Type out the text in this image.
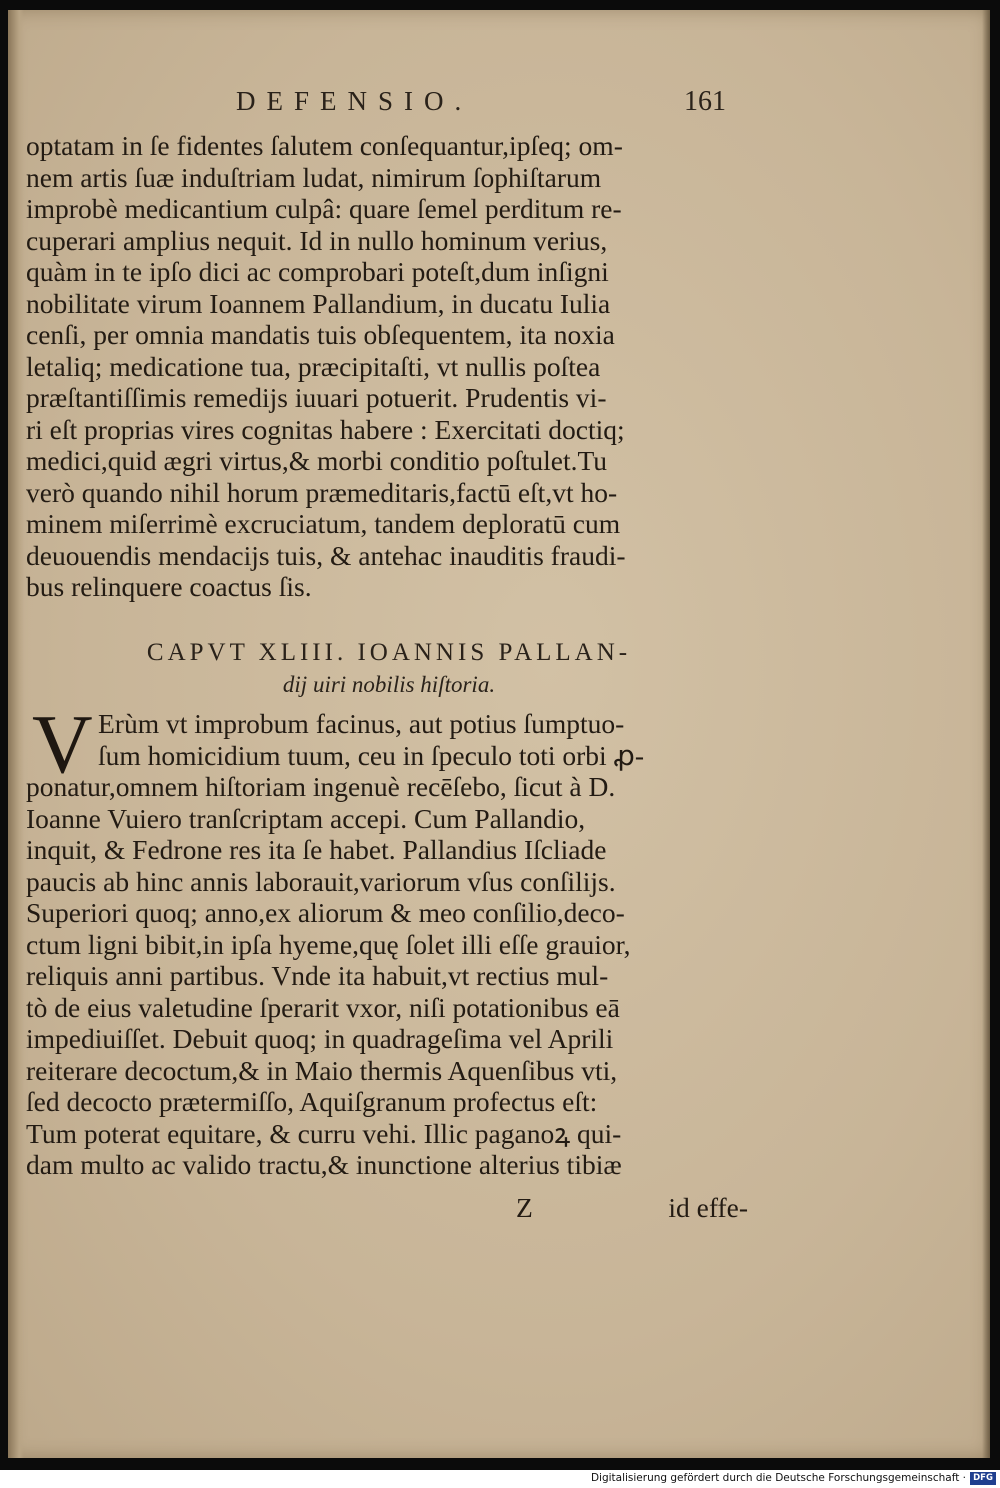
DEFENSIO.	161
optatam in ſe fidentes ſalutem conſequantur,ipſeq; om-
nem artis ſuæ induſtriam ludat, nimirum ſophiſtarum
improbè medicantium culpâ: quare ſemel perditum re-
cuperari amplius nequit. Id in nullo hominum verius,
quàm in te ipſo dici ac comprobari poteſt,dum inſigni
nobilitate virum Ioannem Pallandium, in ducatu Iulia
cenſi, per omnia mandatis tuis obſequentem, ita noxia
letaliq; medicatione tua, præcipitaſti, vt nullis poſtea
præſtantiſſimis remedijs iuuari potuerit. Prudentis vi-
ri eſt proprias vires cognitas habere : Exercitati doctiq;
medici,quid ægri virtus,& morbi conditio poſtulet.Tu
verò quando nihil horum præmeditaris,factū eſt,vt ho-
minem miſerrimè excruciatum, tandem deploratū cum
deuouendis mendacijs tuis, & antehac inauditis fraudi-
bus relinquere coactus ſis.
CAPVT XLIII. IOANNIS PALLAN-
dij uiri nobilis hiſtoria.
V Erùm vt improbum facinus, aut potius ſumptuo-
ſum homicidium tuum, ceu in ſpeculo toti orbi ꝓ-
ponatur,omnem hiſtoriam ingenuè recēſebo, ſicut à D.
Ioanne Vuiero tranſcriptam accepi. Cum Pallandio,
inquit, & Fedrone res ita ſe habet. Pallandius Iſcliade
paucis ab hinc annis laborauit,variorum vſus conſilijs.
Superiori quoq; anno,ex aliorum & meo conſilio,deco-
ctum ligni bibit,in ipſa hyeme,quę ſolet illi eſſe grauior,
reliquis anni partibus. Vnde ita habuit,vt rectius mul-
tò de eius valetudine ſperarit vxor, niſi potationibus eā
impediuiſſet. Debuit quoq; in quadrageſima vel Aprili
reiterare decoctum,& in Maio thermis Aquenſibus vti,
ſed decocto prætermiſſo, Aquiſgranum profectus eſt:
Tum poterat equitare, & curru vehi. Illic paganoꝝ qui-
dam multo ac valido tractu,& inunctione alterius tibiæ
Z	id effe-
Digitalisierung gefördert durch die Deutsche Forschungsgemeinschaft · DFG
